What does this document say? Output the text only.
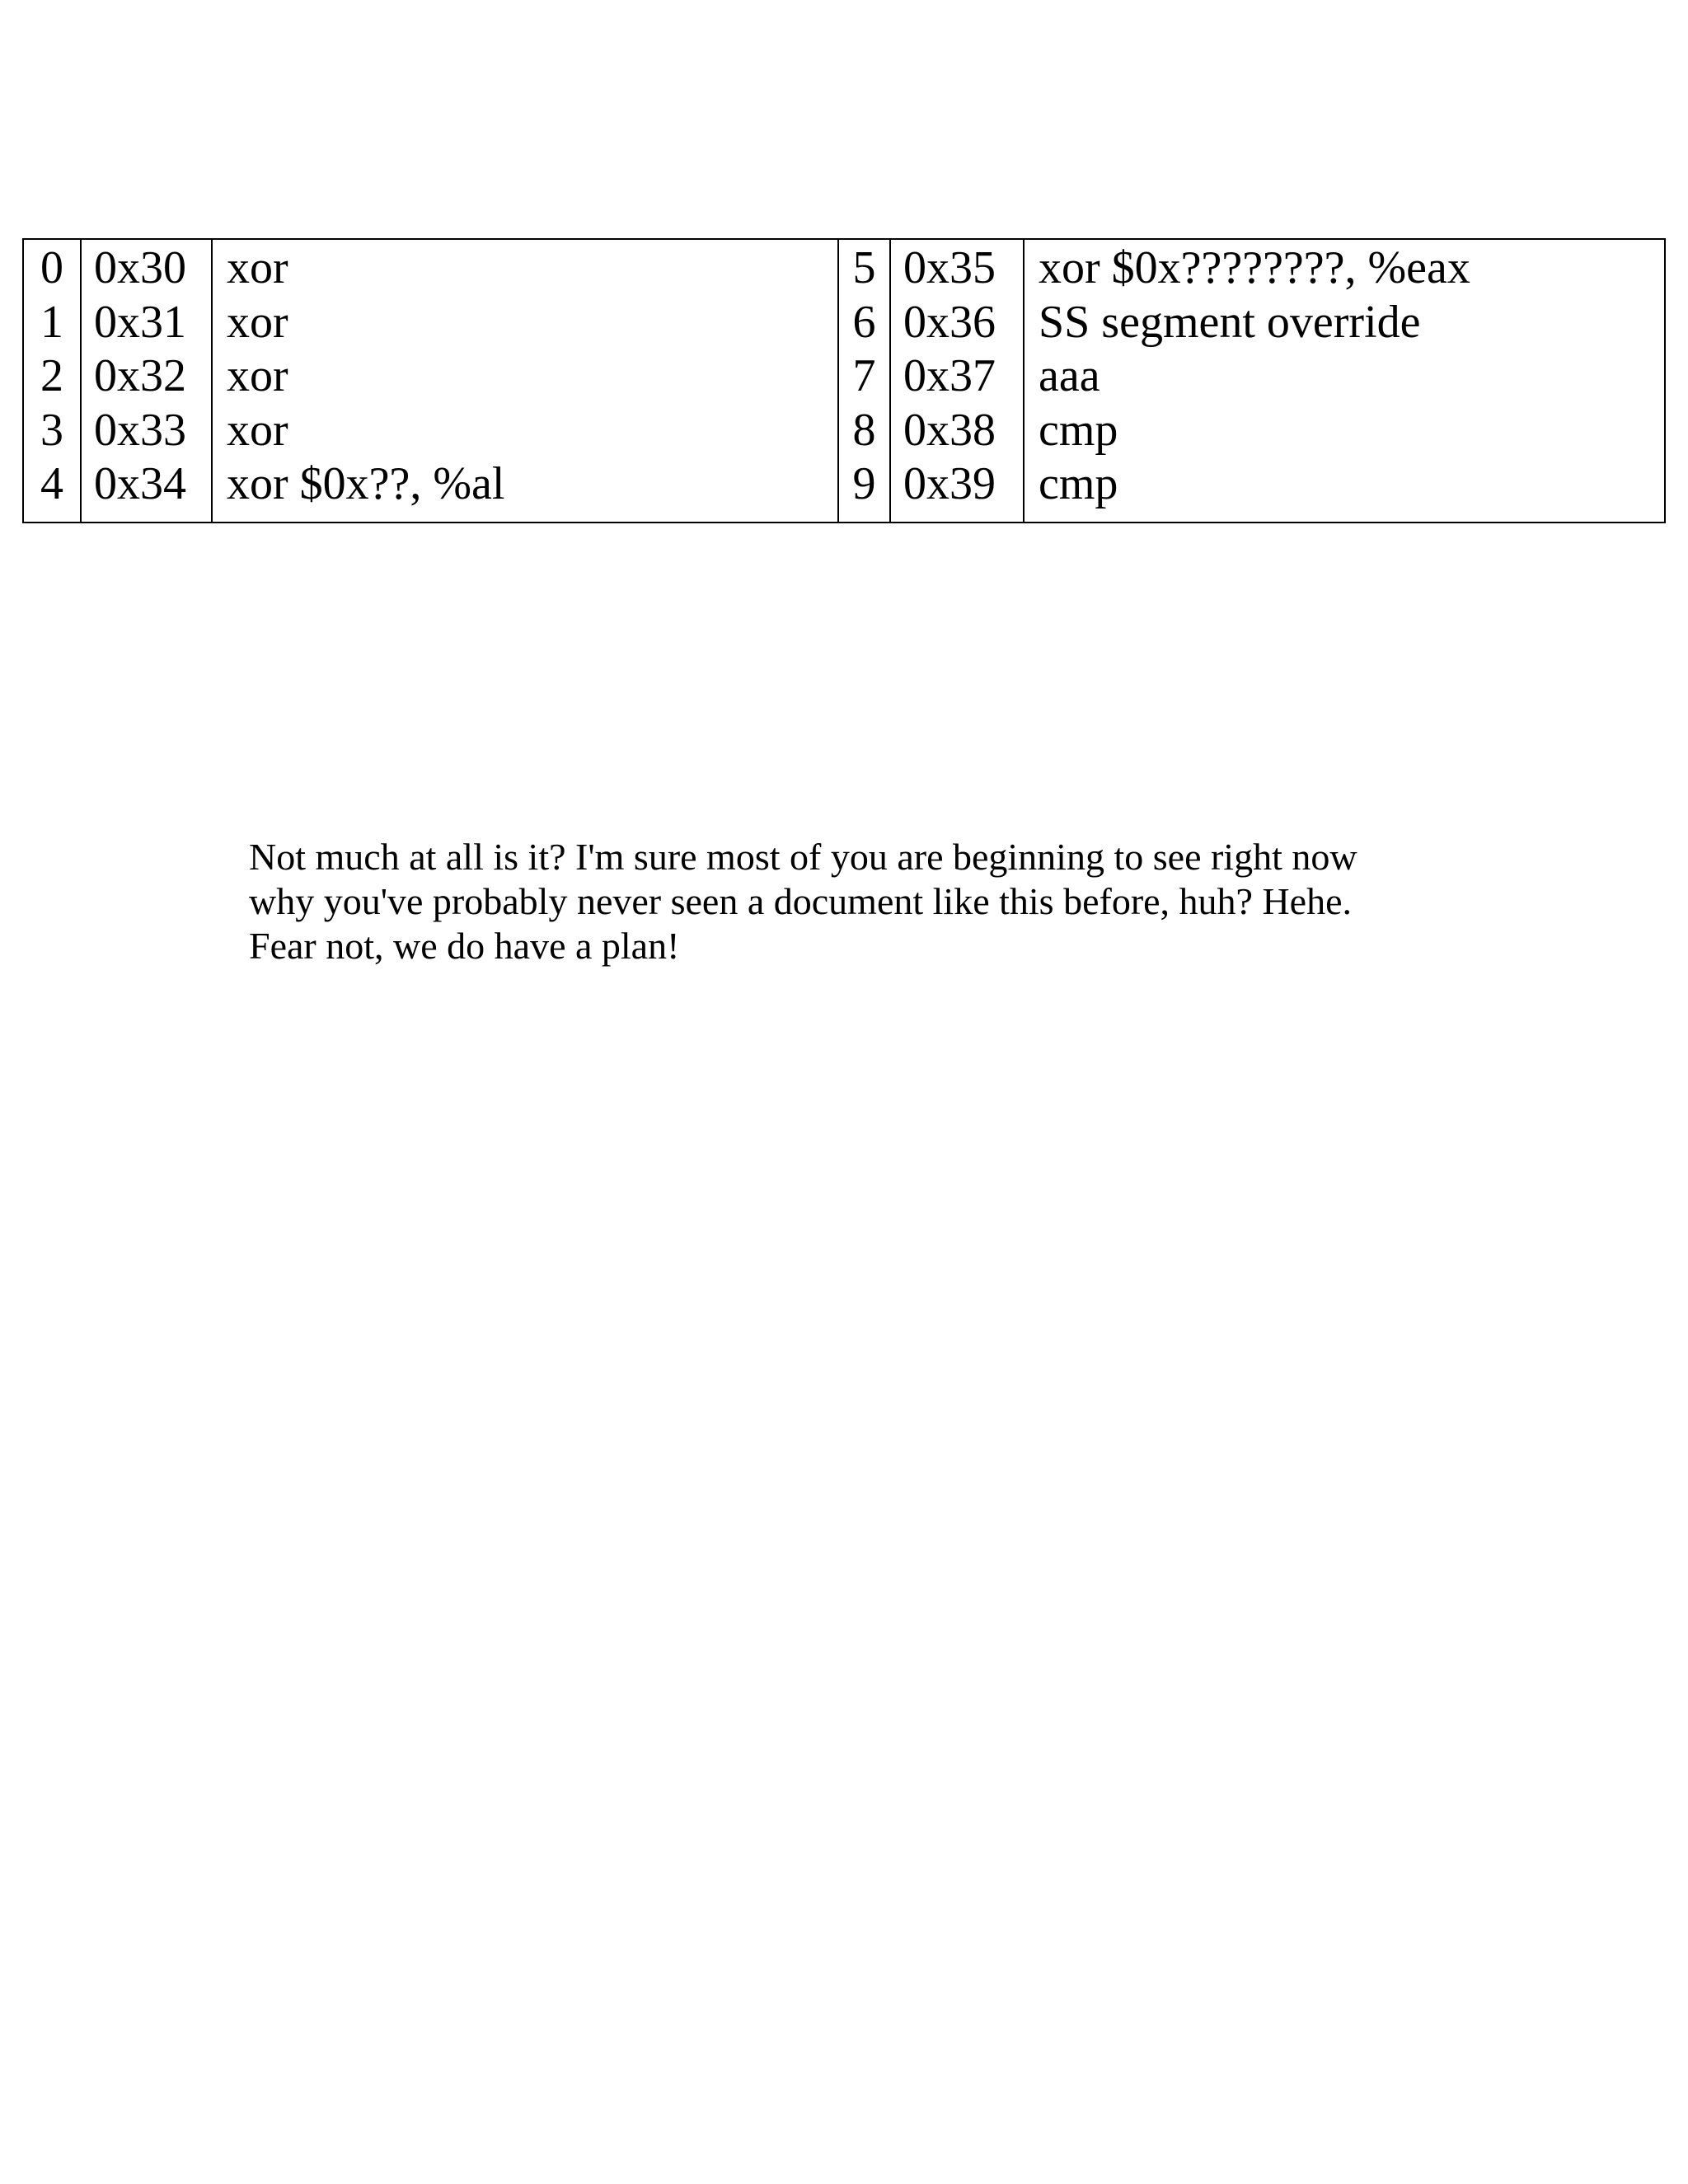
0
1
2
3
4
0x30
0x31
0x32
0x33
0x34
xor
xor
xor
xor
xor $0x??, %al
5
6
7
8
9
0x35
0x36
0x37
0x38
0x39
xor $0x????????, %eax
SS segment override
aaa
cmp
cmp
Not much at all is it? I'm sure most of you are beginning to see right now
why you've probably never seen a document like this before, huh? Hehe.
Fear not, we do have a plan!
